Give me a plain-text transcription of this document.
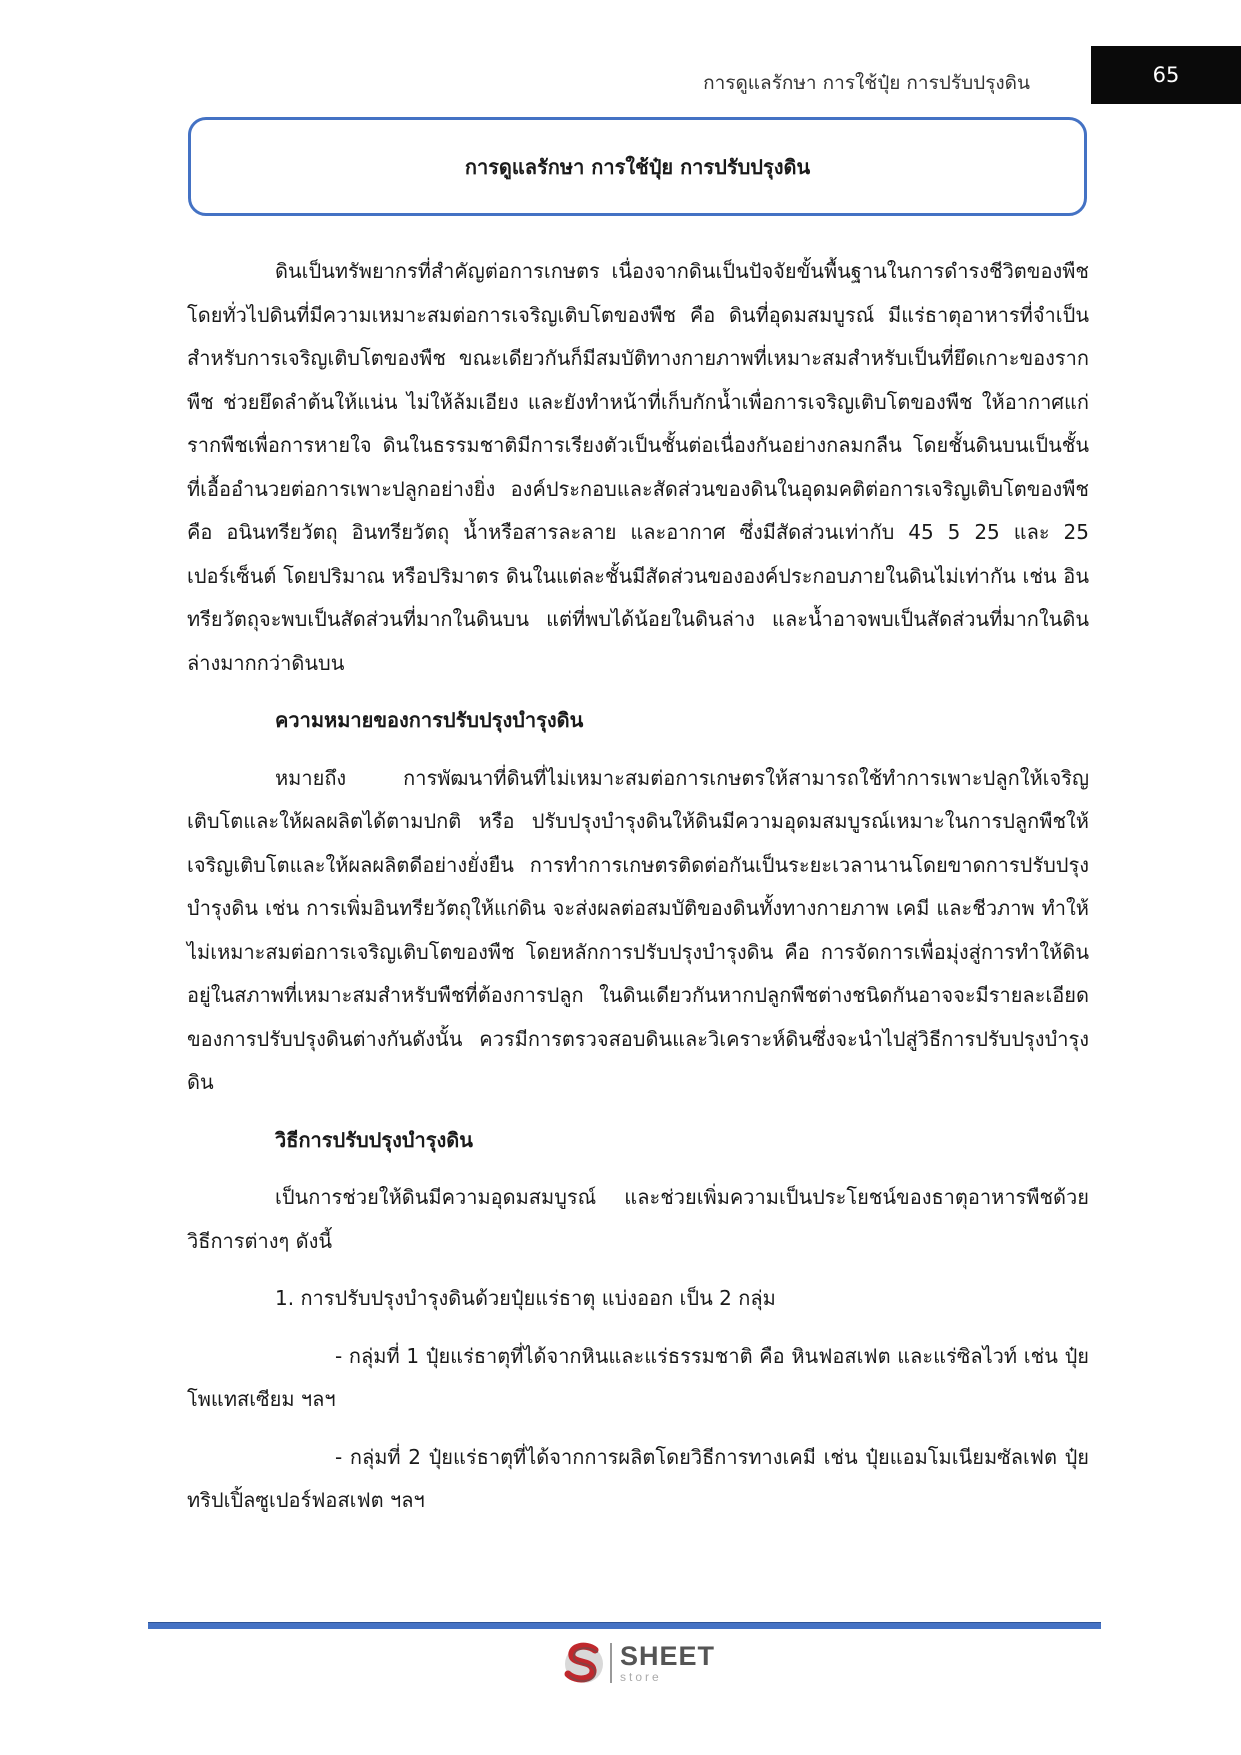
การดูแลรักษา การใช้ปุ๋ย การปรับปรุงดิน	65
การดูแลรักษา การใช้ปุ๋ย การปรับปรุงดิน

ดินเป็นทรัพยากรที่สำคัญต่อการเกษตร เนื่องจากดินเป็นปัจจัยขั้นพื้นฐานในการดำรงชีวิตของพืช โดยทั่วไปดินที่มีความเหมาะสมต่อการเจริญเติบโตของพืช คือ ดินที่อุดมสมบูรณ์ มีแร่ธาตุอาหารที่จำเป็นสำหรับการเจริญเติบโตของพืช ขณะเดียวกันก็มีสมบัติทางกายภาพที่เหมาะสมสำหรับเป็นที่ยึดเกาะของรากพืช ช่วยยึดลำต้นให้แน่น ไม่ให้ล้มเอียง และยังทำหน้าที่เก็บกักน้ำเพื่อการเจริญเติบโตของพืช ให้อากาศแก่รากพืชเพื่อการหายใจ ดินในธรรมชาติมีการเรียงตัวเป็นชั้นต่อเนื่องกันอย่างกลมกลืน โดยชั้นดินบนเป็นชั้นที่เอื้ออำนวยต่อการเพาะปลูกอย่างยิ่ง องค์ประกอบและสัดส่วนของดินในอุดมคติต่อการเจริญเติบโตของพืช คือ อนินทรียวัตถุ อินทรียวัตถุ น้ำหรือสารละลาย และอากาศ ซึ่งมีสัดส่วนเท่ากับ 45 5 25 และ 25 เปอร์เซ็นต์ โดยปริมาณ หรือปริมาตร ดินในแต่ละชั้นมีสัดส่วนขององค์ประกอบภายในดินไม่เท่ากัน เช่น อินทรียวัตถุจะพบเป็นสัดส่วนที่มากในดินบน แต่ที่พบได้น้อยในดินล่าง และน้ำอาจพบเป็นสัดส่วนที่มากในดินล่างมากกว่าดินบน

ความหมายของการปรับปรุงบำรุงดิน

หมายถึง การพัฒนาที่ดินที่ไม่เหมาะสมต่อการเกษตรให้สามารถใช้ทำการเพาะปลูกให้เจริญเติบโตและให้ผลผลิตได้ตามปกติ หรือ ปรับปรุงบำรุงดินให้ดินมีความอุดมสมบูรณ์เหมาะในการปลูกพืชให้เจริญเติบโตและให้ผลผลิตดีอย่างยั่งยืน การทำการเกษตรติดต่อกันเป็นระยะเวลานานโดยขาดการปรับปรุงบำรุงดิน เช่น การเพิ่มอินทรียวัตถุให้แก่ดิน จะส่งผลต่อสมบัติของดินทั้งทางกายภาพ เคมี และชีวภาพ ทำให้ไม่เหมาะสมต่อการเจริญเติบโตของพืช โดยหลักการปรับปรุงบำรุงดิน คือ การจัดการเพื่อมุ่งสู่การทำให้ดินอยู่ในสภาพที่เหมาะสมสำหรับพืชที่ต้องการปลูก ในดินเดียวกันหากปลูกพืชต่างชนิดกันอาจจะมีรายละเอียดของการปรับปรุงดินต่างกันดังนั้น ควรมีการตรวจสอบดินและวิเคราะห์ดินซึ่งจะนำไปสู่วิธีการปรับปรุงบำรุงดิน

วิธีการปรับปรุงบำรุงดิน

เป็นการช่วยให้ดินมีความอุดมสมบูรณ์ และช่วยเพิ่มความเป็นประโยชน์ของธาตุอาหารพืชด้วยวิธีการต่างๆ ดังนี้

1. การปรับปรุงบำรุงดินด้วยปุ๋ยแร่ธาตุ แบ่งออก เป็น 2 กลุ่ม

- กลุ่มที่ 1 ปุ๋ยแร่ธาตุที่ได้จากหินและแร่ธรรมชาติ คือ หินฟอสเฟต และแร่ซิลไวท์ เช่น ปุ๋ยโพแทสเซียม ฯลฯ

- กลุ่มที่ 2 ปุ๋ยแร่ธาตุที่ได้จากการผลิตโดยวิธีการทางเคมี เช่น ปุ๋ยแอมโมเนียมซัลเฟต ปุ๋ยทริปเปิ้ลซูเปอร์ฟอสเฟต ฯลฯ

SHEET
store
